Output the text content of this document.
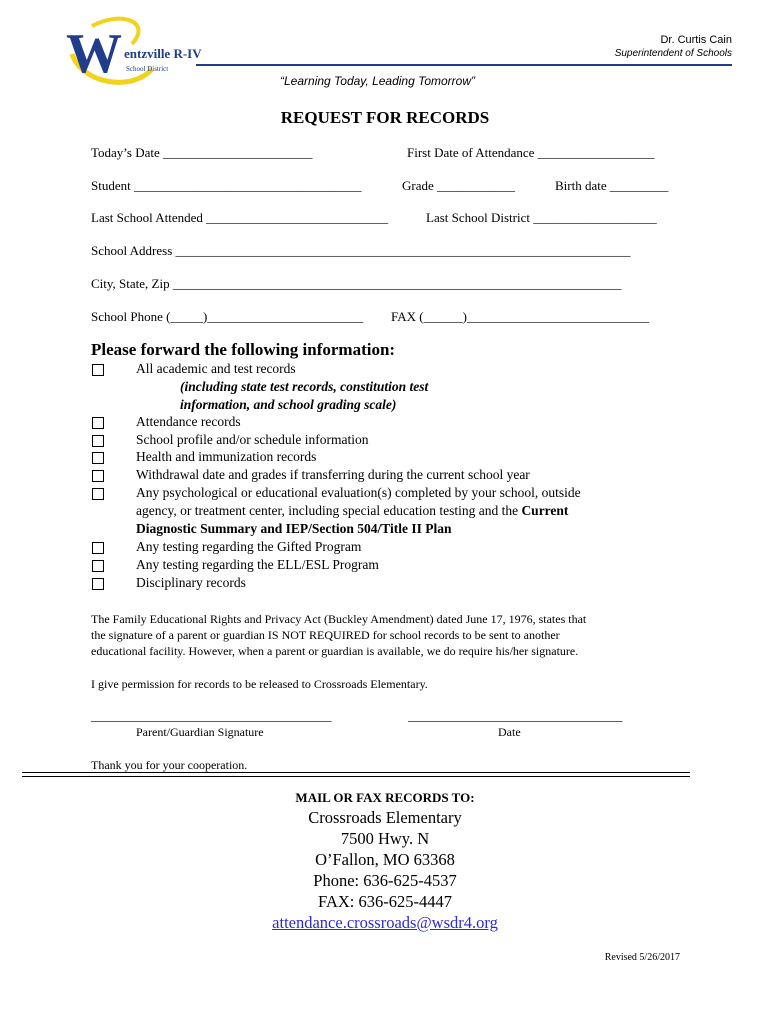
W entzville R-IV
School District
Dr. Curtis Cain
Superintendent of Schools
“Learning Today, Leading Tomorrow”
REQUEST FOR RECORDS
Today’s Date _______________________	First Date of Attendance __________________
Student ___________________________________	Grade ____________	Birth date _________
Last School Attended ____________________________	Last School District ___________________
School Address ______________________________________________________________________
City, State, Zip _____________________________________________________________________
School Phone (_____)________________________ FAX (______)____________________________
Please forward the following information:
All academic and test records
(including state test records, constitution test
information, and school grading scale)
Attendance records
School profile and/or schedule information
Health and immunization records
Withdrawal date and grades if transferring during the current school year
Any psychological or educational evaluation(s) completed by your school, outside
agency, or treatment center, including special education testing and the Current
Diagnostic Summary and IEP/Section 504/Title II Plan
Any testing regarding the Gifted Program
Any testing regarding the ELL/ESL Program
Disciplinary records
The Family Educational Rights and Privacy Act (Buckley Amendment) dated June 17, 1976, states that
the signature of a parent or guardian IS NOT REQUIRED for school records to be sent to another
educational facility. However, when a parent or guardian is available, we do require his/her signature.
I give permission for records to be released to Crossroads Elementary.
_____________________________________	_________________________________
Parent/Guardian Signature	Date
Thank you for your cooperation.
MAIL OR FAX RECORDS TO:
Crossroads Elementary
7500 Hwy. N
O’Fallon, MO 63368
Phone: 636-625-4537
FAX: 636-625-4447
attendance.crossroads@wsdr4.org
Revised 5/26/2017
